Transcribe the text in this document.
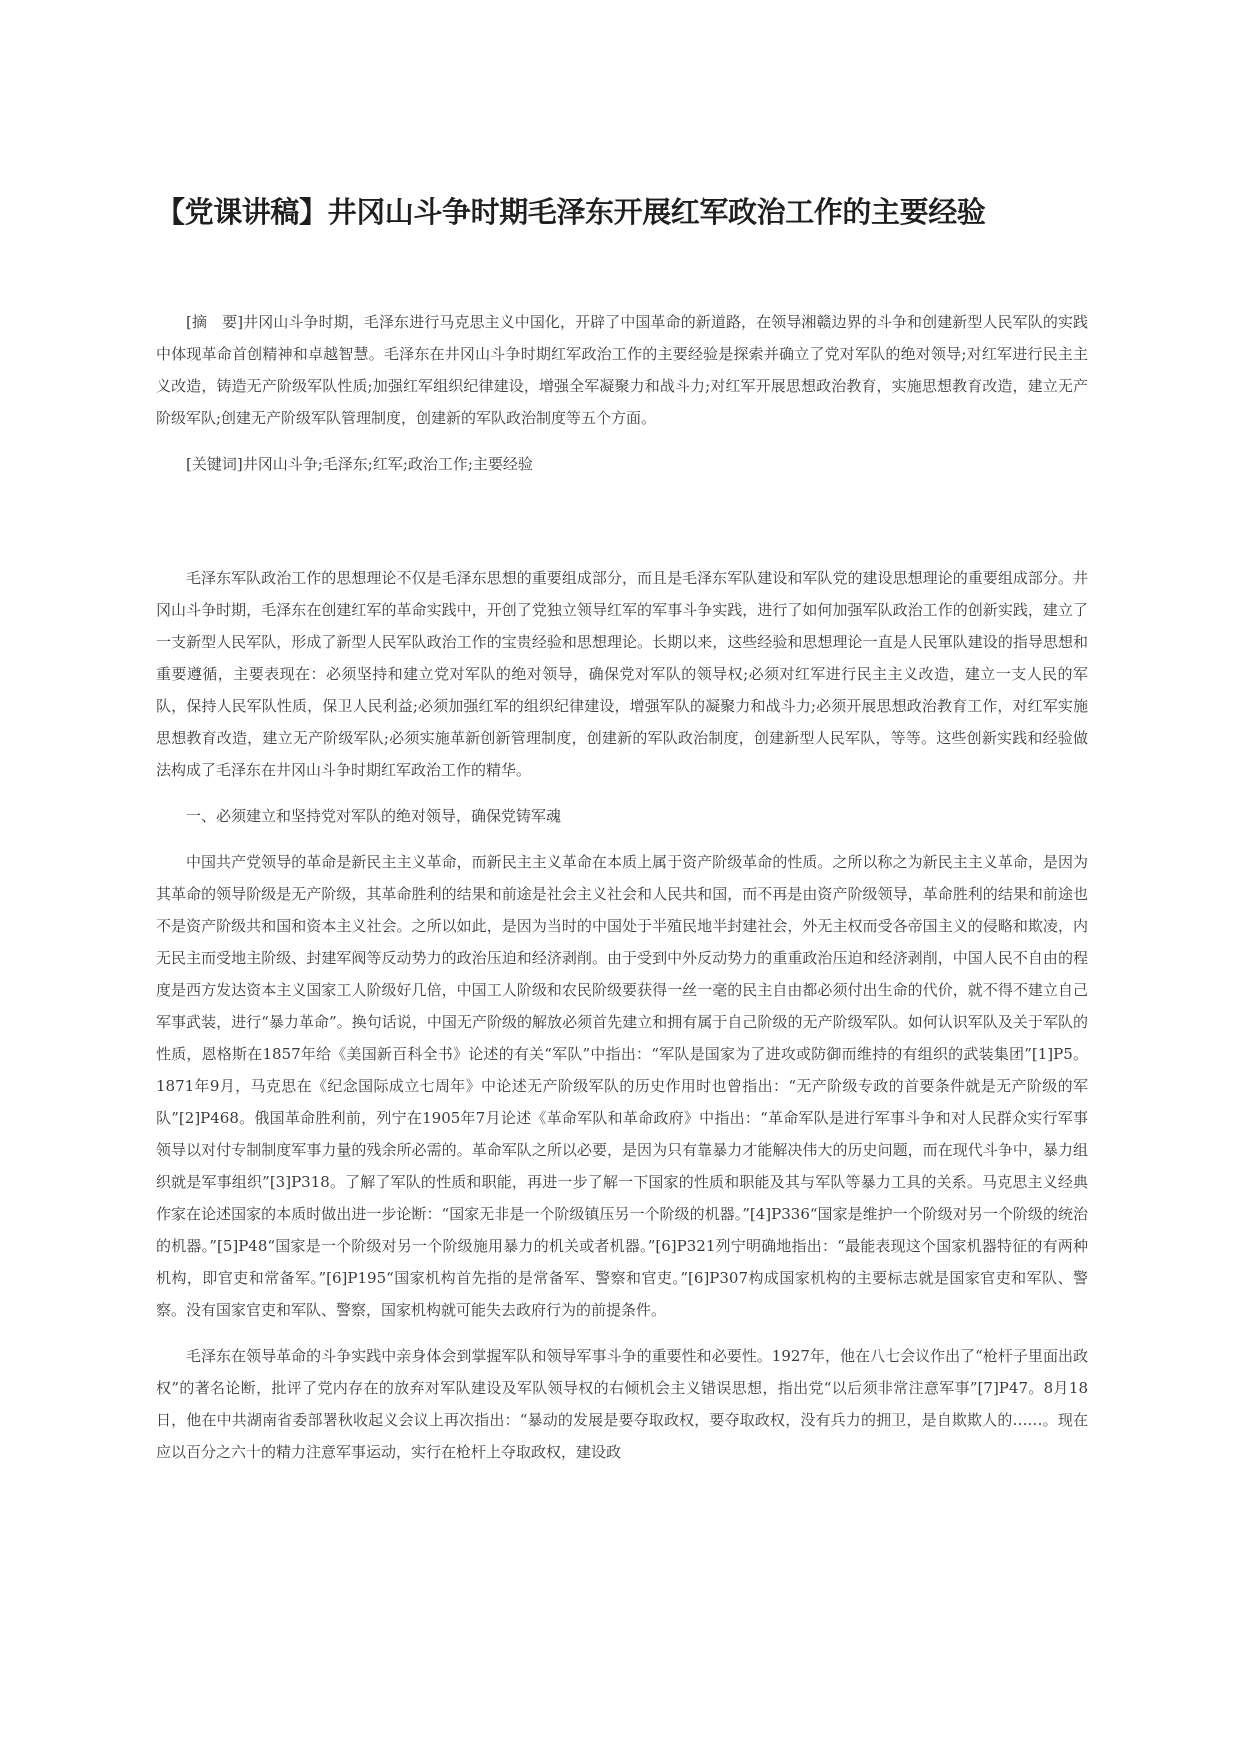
【党课讲稿】井冈山斗争时期毛泽东开展红军政治工作的主要经验

[摘　要]井冈山斗争时期，毛泽东进行马克思主义中国化，开辟了中国革命的新道路，在领导湘赣边界的斗争和创建新型人民军队的实践中体现革命首创精神和卓越智慧。毛泽东在井冈山斗争时期红军政治工作的主要经验是探索并确立了党对军队的绝对领导;对红军进行民主主义改造，铸造无产阶级军队性质;加强红军组织纪律建设，增强全军凝聚力和战斗力;对红军开展思想政治教育，实施思想教育改造，建立无产阶级军队;创建无产阶级军队管理制度，创建新的军队政治制度等五个方面。

[关键词]井冈山斗争;毛泽东;红军;政治工作;主要经验

毛泽东军队政治工作的思想理论不仅是毛泽东思想的重要组成部分，而且是毛泽东军队建设和军队党的建设思想理论的重要组成部分。井冈山斗争时期，毛泽东在创建红军的革命实践中，开创了党独立领导红军的军事斗争实践，进行了如何加强军队政治工作的创新实践，建立了一支新型人民军队，形成了新型人民军队政治工作的宝贵经验和思想理论。长期以来，这些经验和思想理论一直是人民軍队建设的指导思想和重要遵循，主要表现在：必须坚持和建立党对军队的绝对领导，确保党对军队的领导权;必须对红军进行民主主义改造，建立一支人民的军队，保持人民军队性质，保卫人民利益;必须加强红军的组织纪律建设，增强军队的凝聚力和战斗力;必须开展思想政治教育工作，对红军实施思想教育改造，建立无产阶级军队;必须实施革新创新管理制度，创建新的军队政治制度，创建新型人民军队，等等。这些创新实践和经验做法构成了毛泽东在井冈山斗争时期红军政治工作的精华。

一、必须建立和坚持党对军队的绝对领导，确保党铸军魂

中国共产党领导的革命是新民主主义革命，而新民主主义革命在本质上属于资产阶级革命的性质。之所以称之为新民主主义革命，是因为其革命的领导阶级是无产阶级，其革命胜利的结果和前途是社会主义社会和人民共和国，而不再是由资产阶级领导，革命胜利的结果和前途也不是资产阶级共和国和资本主义社会。之所以如此，是因为当时的中国处于半殖民地半封建社会，外无主权而受各帝国主义的侵略和欺凌，内无民主而受地主阶级、封建军阀等反动势力的政治压迫和经济剥削。由于受到中外反动势力的重重政治压迫和经济剥削，中国人民不自由的程度是西方发达资本主义国家工人阶级好几倍，中国工人阶级和农民阶级要获得一丝一毫的民主自由都必须付出生命的代价，就不得不建立自己军事武装，进行“暴力革命”。换句话说，中国无产阶级的解放必须首先建立和拥有属于自己阶级的无产阶级军队。如何认识军队及关于军队的性质，恩格斯在1857年给《美国新百科全书》论述的有关“军队”中指出：“军队是国家为了进攻或防御而维持的有组织的武装集团”[1]P5。1871年9月，马克思在《纪念国际成立七周年》中论述无产阶级军队的历史作用时也曾指出：“无产阶级专政的首要条件就是无产阶级的军队”[2]P468。俄国革命胜利前，列宁在1905年7月论述《革命军队和革命政府》中指出：“革命军队是进行军事斗争和对人民群众实行军事领导以对付专制制度军事力量的残余所必需的。革命军队之所以必要，是因为只有靠暴力才能解决伟大的历史问题，而在现代斗争中，暴力组织就是军事组织”[3]P318。了解了军队的性质和职能，再进一步了解一下国家的性质和职能及其与军队等暴力工具的关系。马克思主义经典作家在论述国家的本质时做出进一步论断：“国家无非是一个阶级镇压另一个阶级的机器。”[4]P336“国家是维护一个阶级对另一个阶级的统治的机器。”[5]P48“国家是一个阶级对另一个阶级施用暴力的机关或者机器。”[6]P321列宁明确地指出：“最能表现这个国家机器特征的有两种机构，即官吏和常备军。”[6]P195“国家机构首先指的是常备军、警察和官吏。”[6]P307构成国家机构的主要标志就是国家官吏和军队、警察。没有国家官吏和军队、警察，国家机构就可能失去政府行为的前提条件。

毛泽东在领导革命的斗争实践中亲身体会到掌握军队和领导军事斗争的重要性和必要性。1927年，他在八七会议作出了“枪杆子里面出政权”的著名论断，批评了党内存在的放弃对军队建设及军队领导权的右倾机会主义错误思想，指出党“以后须非常注意军事”[7]P47。8月18日，他在中共湖南省委部署秋收起义会议上再次指出：“暴动的发展是要夺取政权，要夺取政权，没有兵力的拥卫，是自欺欺人的……。现在应以百分之六十的精力注意军事运动，实行在枪杆上夺取政权，建设政
